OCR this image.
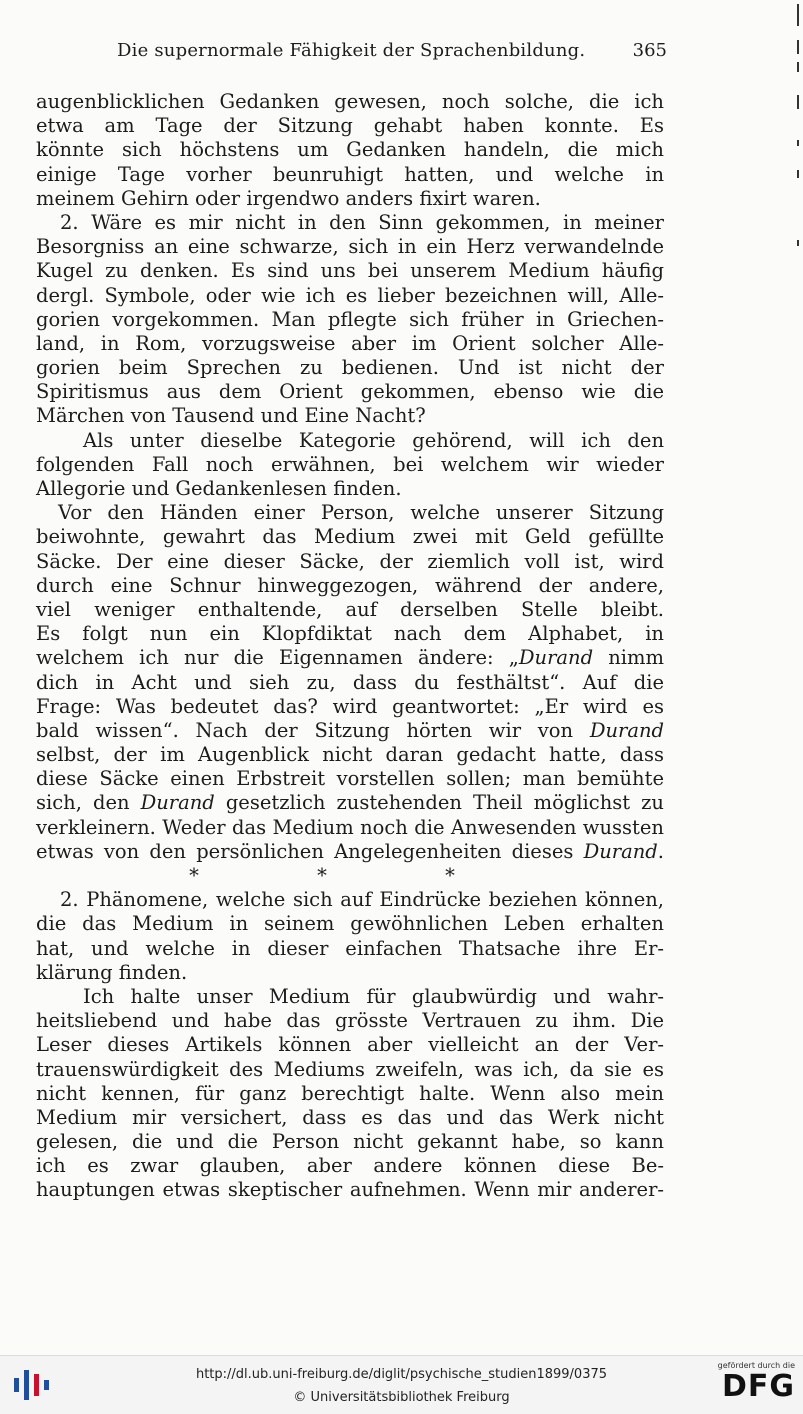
Die supernormale Fähigkeit der Sprachenbildung.	365
augenblicklichen Gedanken gewesen, noch solche, die ich
etwa am Tage der Sitzung gehabt haben konnte. Es
könnte sich höchstens um Gedanken handeln, die mich
einige Tage vorher beunruhigt hatten, und welche in
meinem Gehirn oder irgendwo anders fixirt waren.
2. Wäre es mir nicht in den Sinn gekommen, in meiner
Besorgniss an eine schwarze, sich in ein Herz verwandelnde
Kugel zu denken. Es sind uns bei unserem Medium häufig
dergl. Symbole, oder wie ich es lieber bezeichnen will, Alle-
gorien vorgekommen. Man pflegte sich früher in Griechen-
land, in Rom, vorzugsweise aber im Orient solcher Alle-
gorien beim Sprechen zu bedienen. Und ist nicht der
Spiritismus aus dem Orient gekommen, ebenso wie die
Märchen von Tausend und Eine Nacht?
Als unter dieselbe Kategorie gehörend, will ich den
folgenden Fall noch erwähnen, bei welchem wir wieder
Allegorie und Gedankenlesen finden.
Vor den Händen einer Person, welche unserer Sitzung
beiwohnte, gewahrt das Medium zwei mit Geld gefüllte
Säcke. Der eine dieser Säcke, der ziemlich voll ist, wird
durch eine Schnur hinweggezogen, während der andere,
viel weniger enthaltende, auf derselben Stelle bleibt.
Es folgt nun ein Klopfdiktat nach dem Alphabet, in
welchem ich nur die Eigennamen ändere: „Durand nimm
dich in Acht und sieh zu, dass du festhältst“. Auf die
Frage: Was bedeutet das? wird geantwortet: „Er wird es
bald wissen“. Nach der Sitzung hörten wir von Durand
selbst, der im Augenblick nicht daran gedacht hatte, dass
diese Säcke einen Erbstreit vorstellen sollen; man bemühte
sich, den Durand gesetzlich zustehenden Theil möglichst zu
verkleinern. Weder das Medium noch die Anwesenden wussten
etwas von den persönlichen Angelegenheiten dieses Durand.
* * *
2. Phänomene, welche sich auf Eindrücke beziehen können,
die das Medium in seinem gewöhnlichen Leben erhalten
hat, und welche in dieser einfachen Thatsache ihre Er-
klärung finden.
Ich halte unser Medium für glaubwürdig und wahr-
heitsliebend und habe das grösste Vertrauen zu ihm. Die
Leser dieses Artikels können aber vielleicht an der Ver-
trauenswürdigkeit des Mediums zweifeln, was ich, da sie es
nicht kennen, für ganz berechtigt halte. Wenn also mein
Medium mir versichert, dass es das und das Werk nicht
gelesen, die und die Person nicht gekannt habe, so kann
ich es zwar glauben, aber andere können diese Be-
hauptungen etwas skeptischer aufnehmen. Wenn mir anderer-
http://dl.ub.uni-freiburg.de/diglit/psychische_studien1899/0375
© Universitätsbibliothek Freiburg
gefördert durch die
DFG
